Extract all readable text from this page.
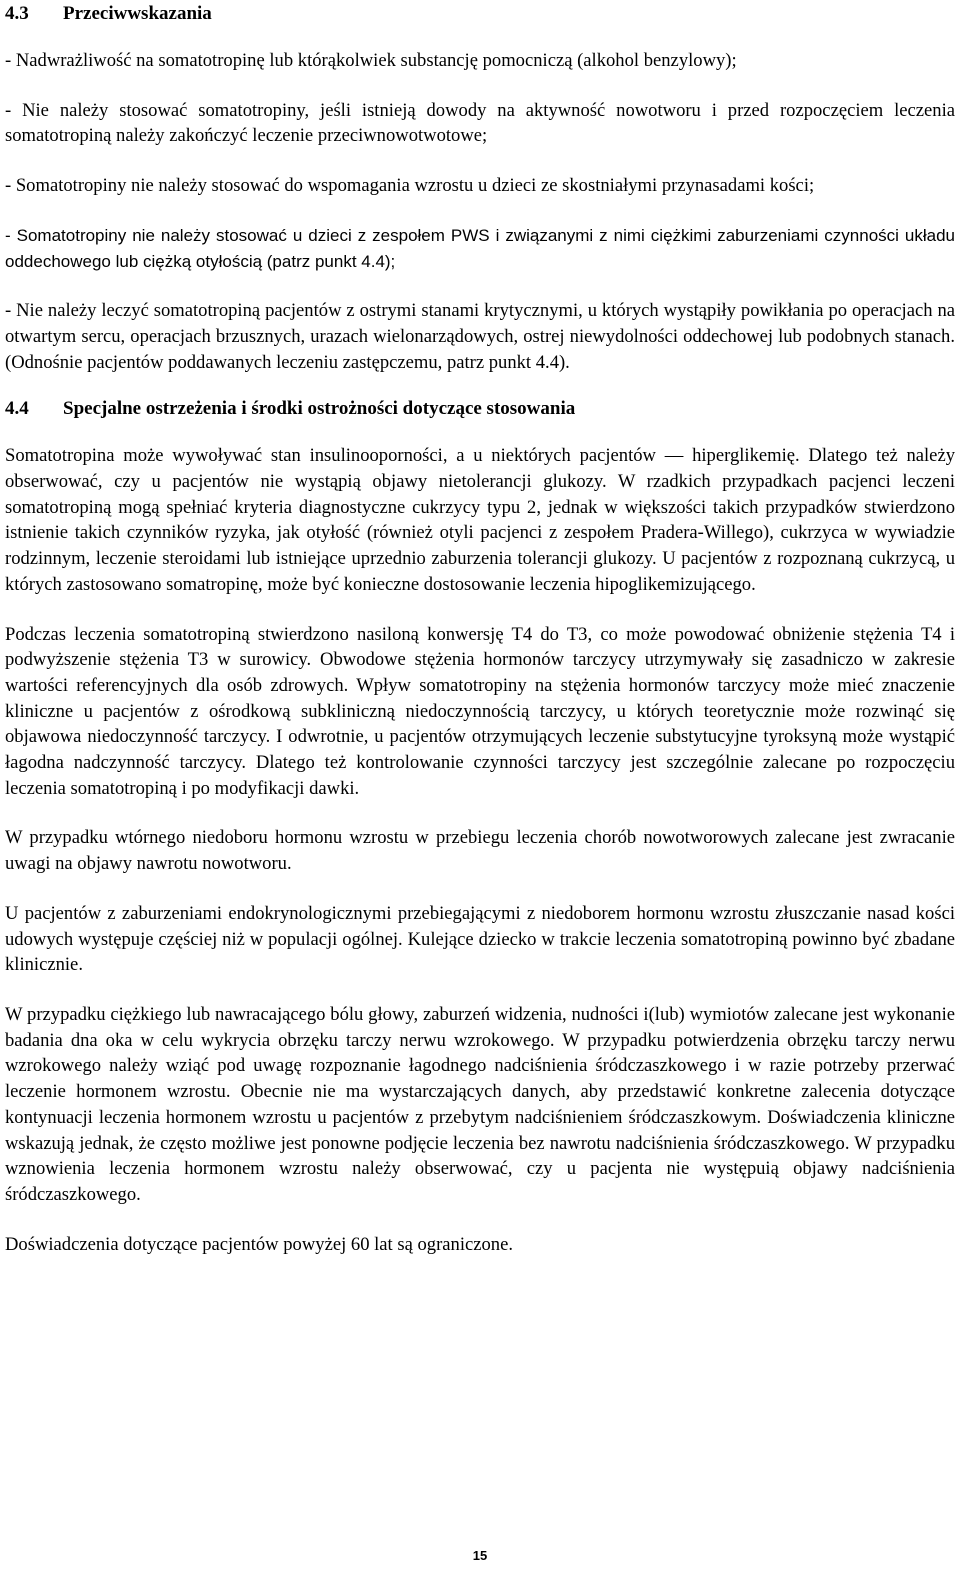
4.3 Przeciwwskazania

- Nadwrażliwość na somatotropinę lub którąkolwiek substancję pomocniczą (alkohol benzylowy);

- Nie należy stosować somatotropiny, jeśli istnieją dowody na aktywność nowotworu i przed rozpoczęciem leczenia somatotropiną należy zakończyć leczenie przeciwnowotwotowe;

- Somatotropiny nie należy stosować do wspomagania wzrostu u dzieci ze skostniałymi przynasadami kości;

- Somatotropiny nie należy stosować u dzieci z zespołem PWS i związanymi z nimi ciężkimi zaburzeniami czynności układu oddechowego lub ciężką otyłością (patrz punkt 4.4);

- Nie należy leczyć somatotropiną pacjentów z ostrymi stanami krytycznymi, u których wystąpiły powikłania po operacjach na otwartym sercu, operacjach brzusznych, urazach wielonarządowych, ostrej niewydolności oddechowej lub podobnych stanach. (Odnośnie pacjentów poddawanych leczeniu zastępczemu, patrz punkt 4.4).

4.4 Specjalne ostrzeżenia i środki ostrożności dotyczące stosowania

Somatotropina może wywoływać stan insulinooporności, a u niektórych pacjentów — hiperglikemię. Dlatego też należy obserwować, czy u pacjentów nie wystąpią objawy nietolerancji glukozy. W rzadkich przypadkach pacjenci leczeni somatotropiną mogą spełniać kryteria diagnostyczne cukrzycy typu 2, jednak w większości takich przypadków stwierdzono istnienie takich czynników ryzyka, jak otyłość (również otyli pacjenci z zespołem Pradera-Willego), cukrzyca w wywiadzie rodzinnym, leczenie steroidami lub istniejące uprzednio zaburzenia tolerancji glukozy. U pacjentów z rozpoznaną cukrzycą, u których zastosowano somatropinę, może być konieczne dostosowanie leczenia hipoglikemizującego.

Podczas leczenia somatotropiną stwierdzono nasiloną konwersję T4 do T3, co może powodować obniżenie stężenia T4 i podwyższenie stężenia T3 w surowicy. Obwodowe stężenia hormonów tarczycy utrzymywały się zasadniczo w zakresie wartości referencyjnych dla osób zdrowych. Wpływ somatotropiny na stężenia hormonów tarczycy może mieć znaczenie kliniczne u pacjentów z ośrodkową subkliniczną niedoczynnością tarczycy, u których teoretycznie może rozwinąć się objawowa niedoczynność tarczycy. I odwrotnie, u pacjentów otrzymujących leczenie substytucyjne tyroksyną może wystąpić łagodna nadczynność tarczycy. Dlatego też kontrolowanie czynności tarczycy jest szczególnie zalecane po rozpoczęciu leczenia somatotropiną i po modyfikacji dawki.

W przypadku wtórnego niedoboru hormonu wzrostu w przebiegu leczenia chorób nowotworowych zalecane jest zwracanie uwagi na objawy nawrotu nowotworu.

U pacjentów z zaburzeniami endokrynologicznymi przebiegającymi z niedoborem hormonu wzrostu złuszczanie nasad kości udowych występuje częściej niż w populacji ogólnej. Kulejące dziecko w trakcie leczenia somatotropiną powinno być zbadane klinicznie.

W przypadku ciężkiego lub nawracającego bólu głowy, zaburzeń widzenia, nudności i(lub) wymiotów zalecane jest wykonanie badania dna oka w celu wykrycia obrzęku tarczy nerwu wzrokowego. W przypadku potwierdzenia obrzęku tarczy nerwu wzrokowego należy wziąć pod uwagę rozpoznanie łagodnego nadciśnienia śródczaszkowego i w razie potrzeby przerwać leczenie hormonem wzrostu. Obecnie nie ma wystarczających danych, aby przedstawić konkretne zalecenia dotyczące kontynuacji leczenia hormonem wzrostu u pacjentów z przebytym nadciśnieniem śródczaszkowym. Doświadczenia kliniczne wskazują jednak, że często możliwe jest ponowne podjęcie leczenia bez nawrotu nadciśnienia śródczaszkowego. W przypadku wznowienia leczenia hormonem wzrostu należy obserwować, czy u pacjenta nie występuią objawy nadciśnienia śródczaszkowego.

Doświadczenia dotyczące pacjentów powyżej 60 lat są ograniczone.

15
